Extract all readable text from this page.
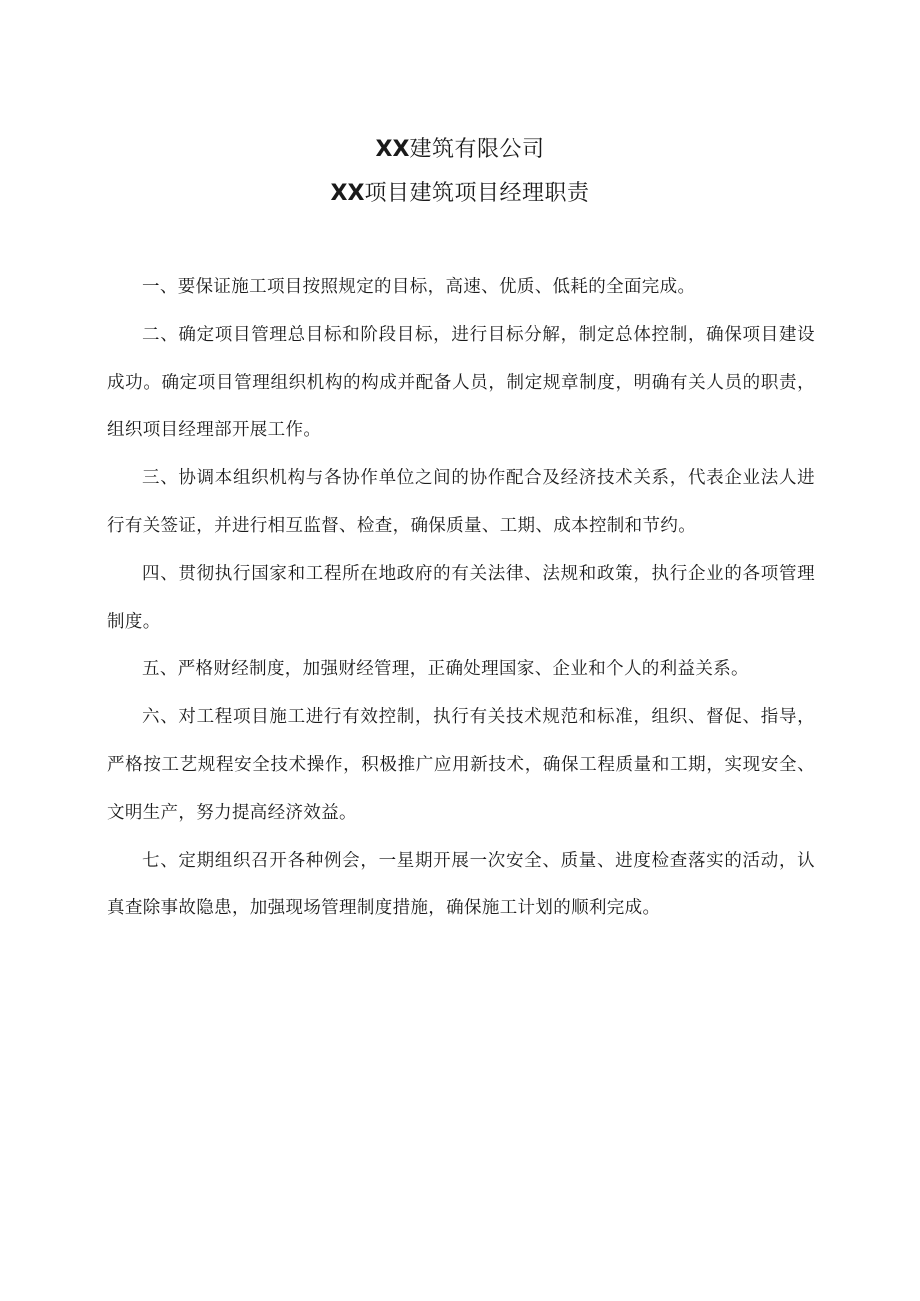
XX建筑有限公司
XX项目建筑项目经理职责

一、要保证施工项目按照规定的目标，高速、优质、低耗的全面完成。

二、确定项目管理总目标和阶段目标，进行目标分解，制定总体控制，确保项目建设成功。确定项目管理组织机构的构成并配备人员，制定规章制度，明确有关人员的职责，组织项目经理部开展工作。

三、协调本组织机构与各协作单位之间的协作配合及经济技术关系，代表企业法人进行有关签证，并进行相互监督、检查，确保质量、工期、成本控制和节约。

四、贯彻执行国家和工程所在地政府的有关法律、法规和政策，执行企业的各项管理制度。

五、严格财经制度，加强财经管理，正确处理国家、企业和个人的利益关系。

六、对工程项目施工进行有效控制，执行有关技术规范和标准，组织、督促、指导，严格按工艺规程安全技术操作，积极推广应用新技术，确保工程质量和工期，实现安全、文明生产，努力提高经济效益。

七、定期组织召开各种例会，一星期开展一次安全、质量、进度检查落实的活动，认真查除事故隐患，加强现场管理制度措施，确保施工计划的顺利完成。
